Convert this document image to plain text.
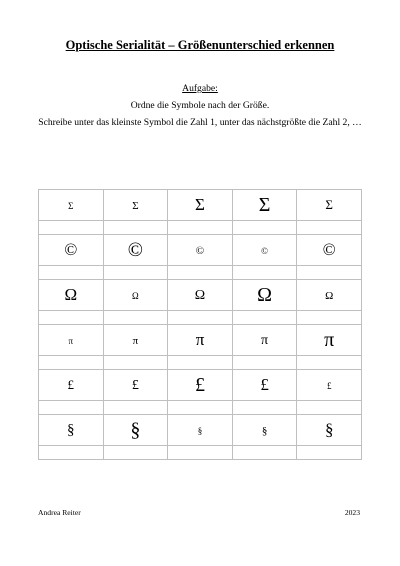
Optische Serialität – Größenunterschied erkennen
Aufgabe:
Ordne die Symbole nach der Größe.
Schreibe unter das kleinste Symbol die Zahl 1, unter das nächstgrößte die Zahl 2, …
Σ	Σ	Σ	Σ	Σ

©	©	©	©	©

Ω	Ω	Ω	Ω	Ω

π	π	π	π	π

£	£	£	£	£

§	§	§	§	§

Andrea Reiter	2023
